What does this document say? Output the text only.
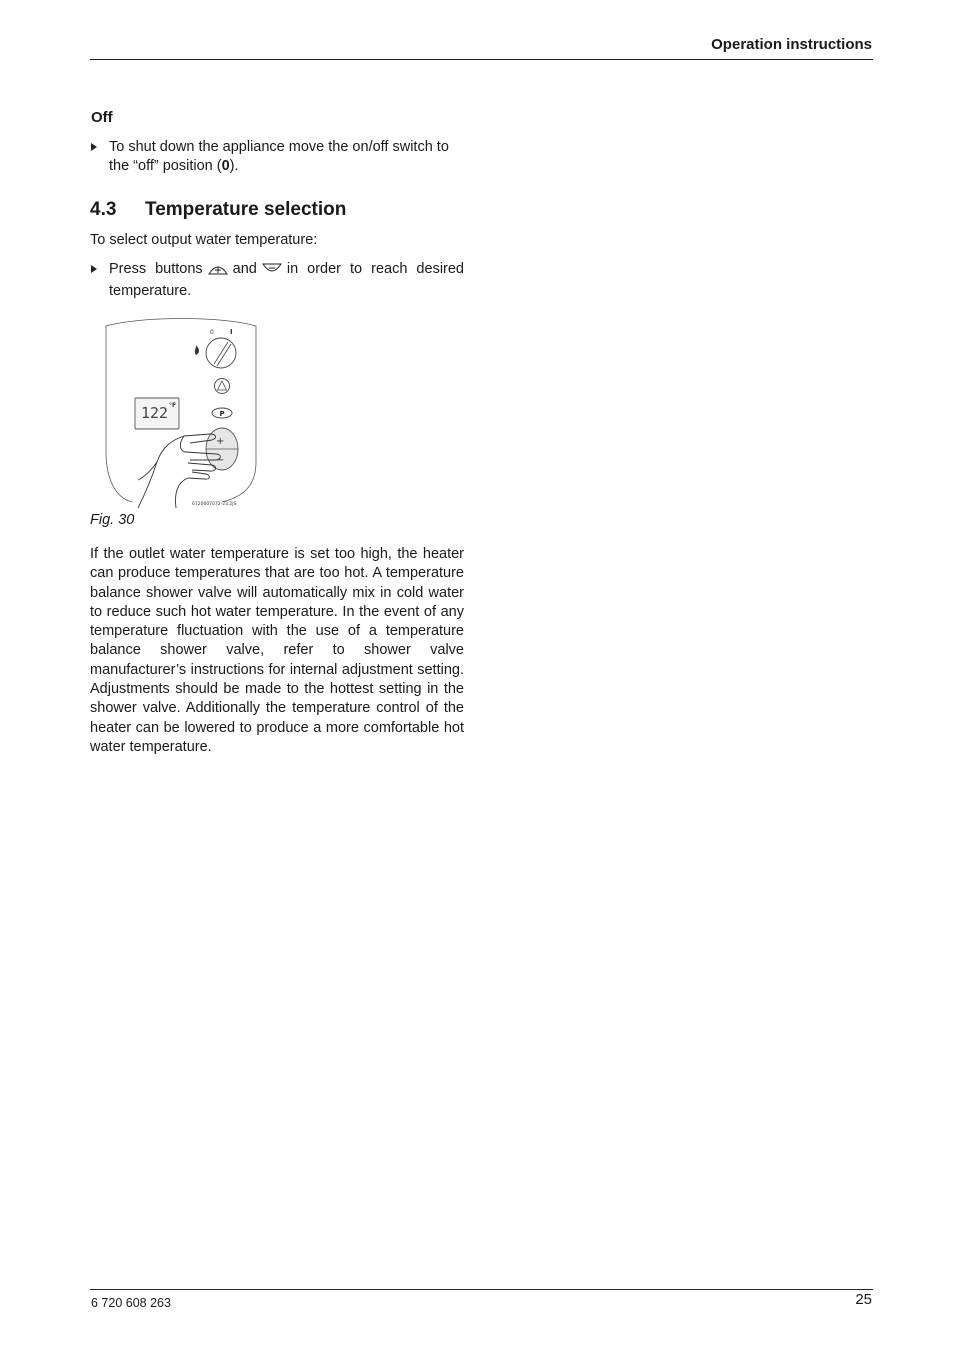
Operation instructions
Off
To shut down the appliance move the on/off switch to the “off” position (0).
4.3 Temperature selection
To select output water temperature:
Press buttons and in order to reach desired temperature.
0 I
P
122 °F
+
−
6720607072-23.2JS
Fig. 30
If the outlet water temperature is set too high, the heater can produce temperatures that are too hot. A temperature balance shower valve will automatically mix in cold water to reduce such hot water temperature. In the event of any temperature fluctuation with the use of a temperature balance shower valve, refer to shower valve manufacturer’s instructions for internal adjustment setting. Adjustments should be made to the hottest setting in the shower valve. Additionally the temperature control of the heater can be lowered to produce a more comfortable hot water temperature.
6 720 608 263	25
